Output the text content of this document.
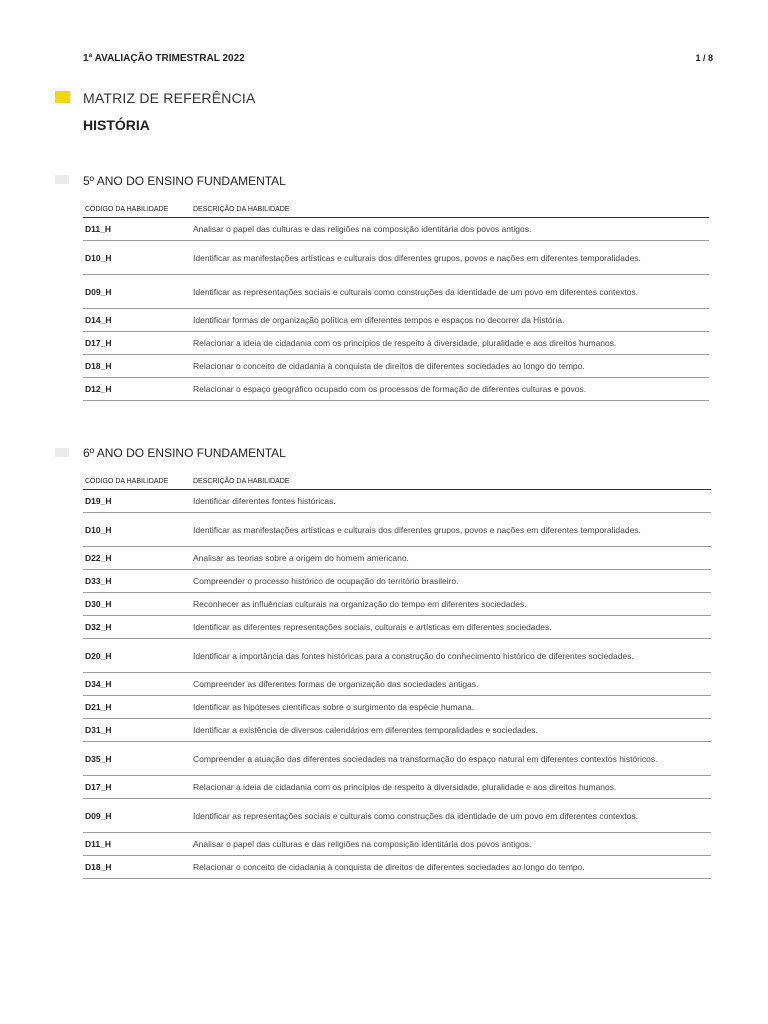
1ª AVALIAÇÃO TRIMESTRAL 2022	1 / 8
MATRIZ DE REFERÊNCIA
HISTÓRIA
5º ANO DO ENSINO FUNDAMENTAL
CÓDIGO DA HABILIDADE	DESCRIÇÃO DA HABILIDADE
D11_H	Analisar o papel das culturas e das religiões na composição identitária dos povos antigos.
D10_H	Identificar as manifestações artísticas e culturais dos diferentes grupos, povos e nações em diferentes temporalidades.
D09_H	Identificar as representações sociais e culturais como construções da identidade de um povo em diferentes contextos.
D14_H	Identificar formas de organização política em diferentes tempos e espaços no decorrer da História.
D17_H	Relacionar a ideia de cidadania com os princípios de respeito à diversidade, pluralidade e aos direitos humanos.
D18_H	Relacionar o conceito de cidadania à conquista de direitos de diferentes sociedades ao longo do tempo.
D12_H	Relacionar o espaço geográfico ocupado com os processos de formação de diferentes culturas e povos.
6º ANO DO ENSINO FUNDAMENTAL
CÓDIGO DA HABILIDADE	DESCRIÇÃO DA HABILIDADE
D19_H	Identificar diferentes fontes históricas.
D10_H	Identificar as manifestações artísticas e culturais dos diferentes grupos, povos e nações em diferentes temporalidades.
D22_H	Analisar as teorias sobre a origem do homem americano.
D33_H	Compreender o processo histórico de ocupação do território brasileiro.
D30_H	Reconhecer as influências culturais na organização do tempo em diferentes sociedades.
D32_H	Identificar as diferentes representações sociais, culturais e artísticas em diferentes sociedades.
D20_H	Identificar a importância das fontes históricas para a construção do conhecimento histórico de diferentes sociedades.
D34_H	Compreender as diferentes formas de organização das sociedades antigas.
D21_H	Identificar as hipóteses científicas sobre o surgimento da espécie humana.
D31_H	Identificar a existência de diversos calendários em diferentes temporalidades e sociedades.
D35_H	Compreender a atuação das diferentes sociedades na transformação do espaço natural em diferentes contextos históricos.
D17_H	Relacionar a ideia de cidadania com os princípios de respeito à diversidade, pluralidade e aos direitos humanos.
D09_H	Identificar as representações sociais e culturais como construções da identidade de um povo em diferentes contextos.
D11_H	Analisar o papel das culturas e das religiões na composição identitária dos povos antigos.
D18_H	Relacionar o conceito de cidadania à conquista de direitos de diferentes sociedades ao longo do tempo.
